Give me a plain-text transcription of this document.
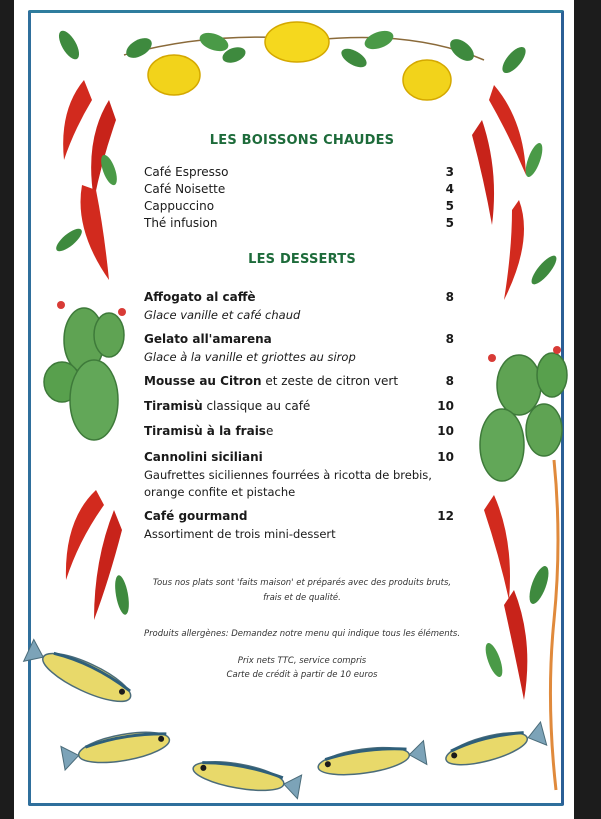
LES BOISSONS CHAUDES
Café Espresso	3
Café Noisette	4
Cappuccino	5
Thé infusion	5
LES DESSERTS
Affogato al caffè	8
Glace vanille et café chaud
Gelato all'amarena	8
Glace à la vanille et griottes au sirop
Mousse au Citron et zeste de citron vert	8
Tiramisù classique au café	10
Tiramisù à la fraise	10
Cannolini siciliani	10
Gaufrettes siciliennes fourrées à ricotta de brebis,
orange confite et pistache
Café gourmand	12
Assortiment de trois mini-dessert
Tous nos plats sont 'faits maison' et préparés avec des produits bruts,
frais et de qualité.
Produits allergènes: Demandez notre menu qui indique tous les éléments.
Prix nets TTC, service compris
Carte de crédit à partir de 10 euros
